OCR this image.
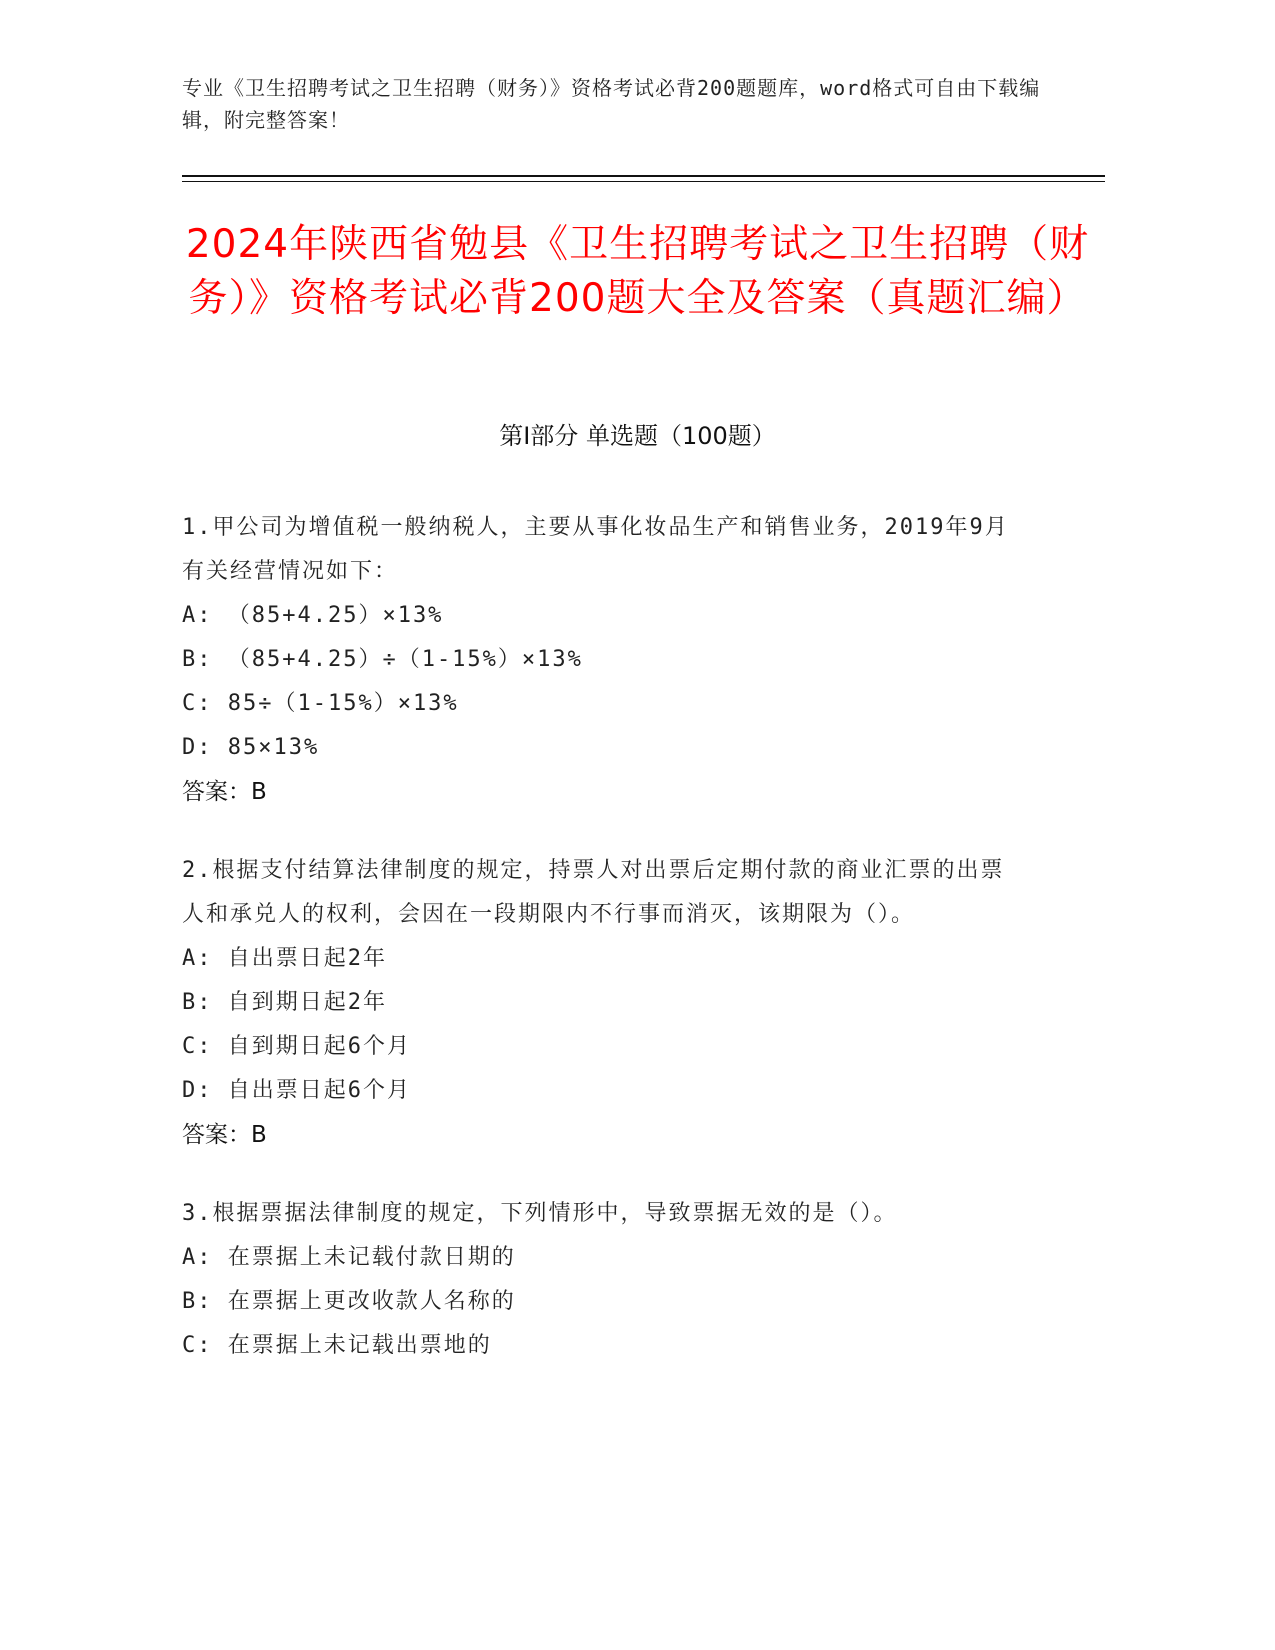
专业《卫生招聘考试之卫生招聘（财务）》资格考试必背200题题库，word格式可自由下载编辑，附完整答案！
2024年陕西省勉县《卫生招聘考试之卫生招聘（财务）》资格考试必背200题大全及答案（真题汇编）
第Ⅰ部分 单选题（100题）
1.甲公司为增值税一般纳税人，主要从事化妆品生产和销售业务，2019年9月有关经营情况如下：
A: （85+4.25）×13%
B: （85+4.25）÷（1-15%）×13%
C: 85÷（1-15%）×13%
D: 85×13%
答案：B
2.根据支付结算法律制度的规定，持票人对出票后定期付款的商业汇票的出票人和承兑人的权利，会因在一段期限内不行事而消灭，该期限为（）。
A: 自出票日起2年
B: 自到期日起2年
C: 自到期日起6个月
D: 自出票日起6个月
答案：B
3.根据票据法律制度的规定，下列情形中，导致票据无效的是（）。
A: 在票据上未记载付款日期的
B: 在票据上更改收款人名称的
C: 在票据上未记载出票地的
